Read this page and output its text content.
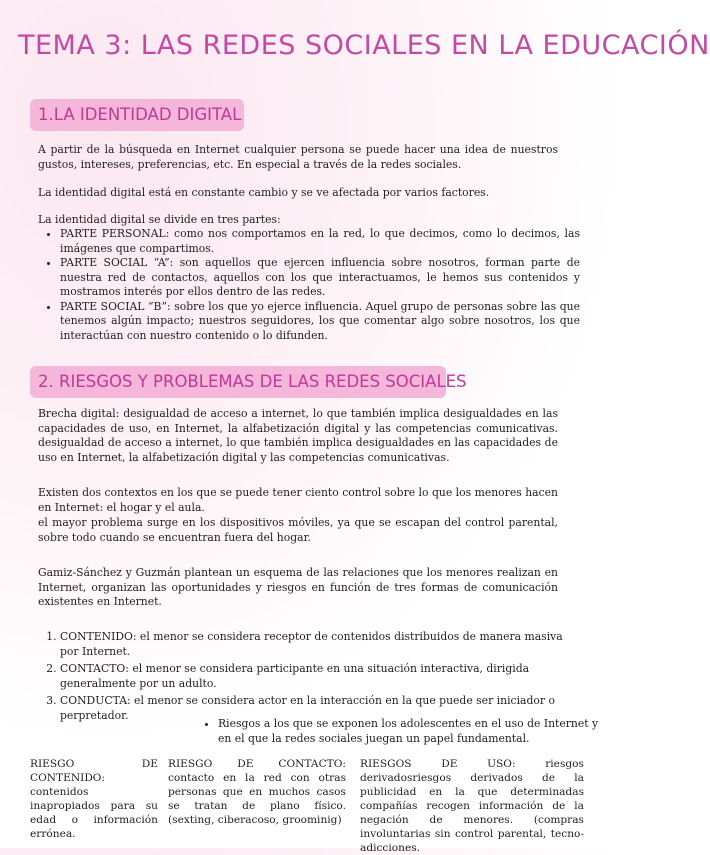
TEMA 3: LAS REDES SOCIALES EN LA EDUCACIÓN
1.LA IDENTIDAD DIGITAL

A partir de la búsqueda en Internet cualquier persona se puede hacer una idea de nuestros gustos, intereses, preferencias, etc. En especial a través de la redes sociales.

La identidad digital está en constante cambio y se ve afectada por varios factores.

La identidad digital se divide en tres partes:

• PARTE PERSONAL: como nos comportamos en la red, lo que decimos, como lo decimos, las imágenes que compartimos.
• PARTE SOCIAL “A”: son aquellos que ejercen influencia sobre nosotros, forman parte de nuestra red de contactos, aquellos con los que interactuamos, le hemos sus contenidos y mostramos interés por ellos dentro de las redes.
• PARTE SOCIAL “B”: sobre los que yo ejerce influencia. Aquel grupo de personas sobre las que tenemos algún impacto; nuestros seguidores, los que comentar algo sobre nosotros, los que interactúan con nuestro contenido o lo difunden.
2. RIESGOS Y PROBLEMAS DE LAS REDES SOCIALES

Brecha digital: desigualdad de acceso a internet, lo que también implica desigualdades en las capacidades de uso, en Internet, la alfabetización digital y las competencias comunicativas. desigualdad de acceso a internet, lo que también implica desigualdades en las capacidades de uso en Internet, la alfabetización digital y las competencias comunicativas.

Existen dos contextos en los que se puede tener ciento control sobre lo que los menores hacen en Internet: el hogar y el aula.

el mayor problema surge en los dispositivos móviles, ya que se escapan del control parental, sobre todo cuando se encuentran fuera del hogar.

Gamiz-Sánchez y Guzmán plantean un esquema de las relaciones que los menores realizan en Internet, organizan las oportunidades y riesgos en función de tres formas de comunicación existentes en Internet.

1. CONTENIDO: el menor se considera receptor de contenidos distribuidos de manera masiva por Internet.
2. CONTACTO: el menor se considera participante en una situación interactiva, dirigida generalmente por un adulto.
3. CONDUCTA: el menor se considera actor en la interacción en la que puede ser iniciador o perpretador.
• Riesgos a los que se exponen los adolescentes en el uso de Internet y en el que la redes sociales juegan un papel fundamental.

RIESGO DE CONTENIDO: contenidos inapropiados para su edad o información errónea.

RIESGO DE CONTACTO: contacto en la red con otras personas que en muchos casos se tratan de plano físico. (sexting, ciberacoso, groominig)

RIESGOS DE USO: riesgos derivadosriesgos derivados de la publicidad en la que determinadas compañías recogen información de la negación de menores. (compras involuntarias sin control parental, tecno-adicciones.
